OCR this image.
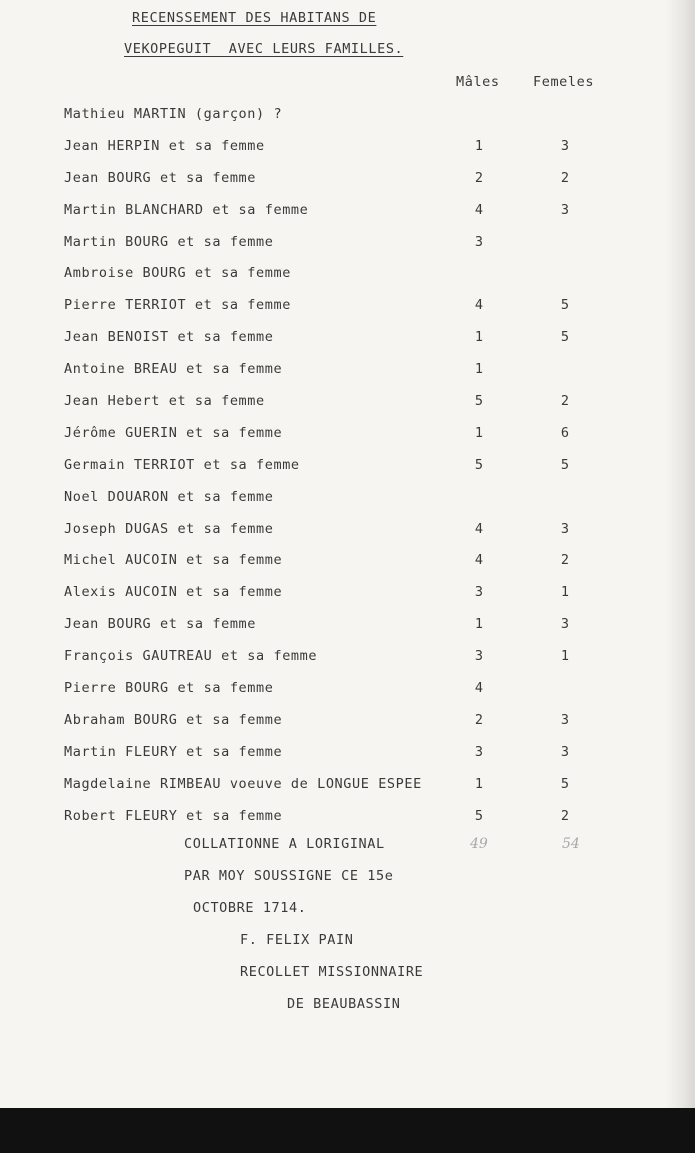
RECENSSEMENT DES HABITANS DE
VEKOPEGUIT  AVEC LEURS FAMILLES.
Mâles Femeles
Mathieu MARTIN (garçon) ?
Jean HERPIN et sa femme	1	3
Jean BOURG et sa femme	2	2
Martin BLANCHARD et sa femme	4	3
Martin BOURG et sa femme	3
Ambroise BOURG et sa femme
Pierre TERRIOT et sa femme	4	5
Jean BENOIST et sa femme	1	5
Antoine BREAU et sa femme	1
Jean Hebert et sa femme	5	2
Jérôme GUERIN et sa femme	1	6
Germain TERRIOT et sa femme	5	5
Noel DOUARON et sa femme
Joseph DUGAS et sa femme	4	3
Michel AUCOIN et sa femme	4	2
Alexis AUCOIN et sa femme	3	1
Jean BOURG et sa femme	1	3
François GAUTREAU et sa femme	3	1
Pierre BOURG et sa femme	4
Abraham BOURG et sa femme	2	3
Martin FLEURY et sa femme	3	3
Magdelaine RIMBEAU voeuve de LONGUE ESPEE	1	5
Robert FLEURY et sa femme	5	2
49	54
COLLATIONNE A LORIGINAL
PAR MOY SOUSSIGNE CE 15e
OCTOBRE 1714.
F. FELIX PAIN
RECOLLET MISSIONNAIRE
DE BEAUBASSIN
